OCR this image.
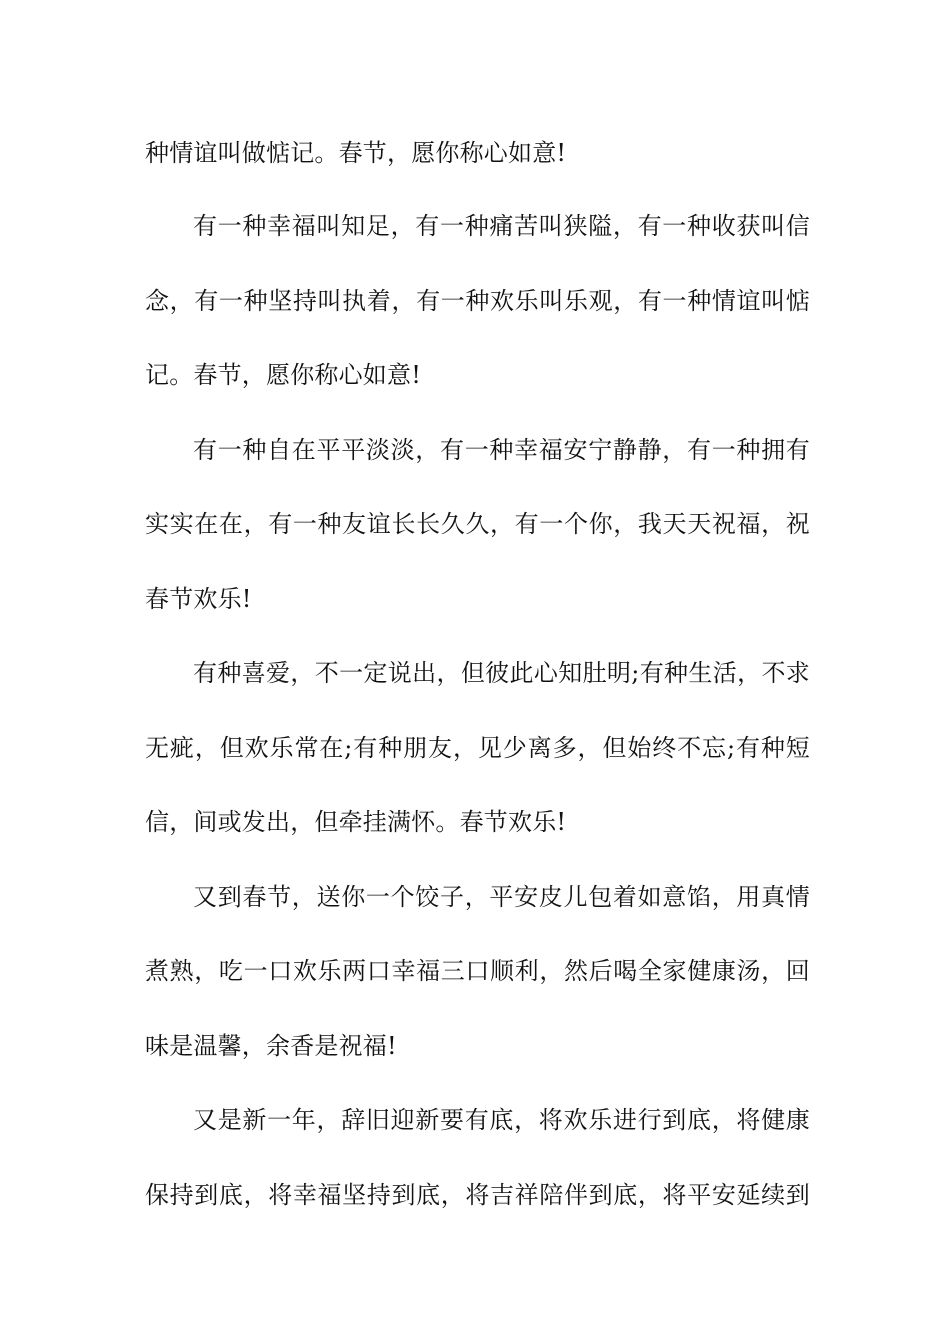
种情谊叫做惦记。春节，愿你称心如意!
有一种幸福叫知足，有一种痛苦叫狭隘，有一种收获叫信
念，有一种坚持叫执着，有一种欢乐叫乐观，有一种情谊叫惦
记。春节，愿你称心如意!
有一种自在平平淡淡，有一种幸福安宁静静，有一种拥有
实实在在，有一种友谊长长久久，有一个你，我天天祝福，祝
春节欢乐!
有种喜爱，不一定说出，但彼此心知肚明;有种生活，不求
无疵，但欢乐常在;有种朋友，见少离多，但始终不忘;有种短
信，间或发出，但牵挂满怀。春节欢乐!
又到春节，送你一个饺子，平安皮儿包着如意馅，用真情
煮熟，吃一口欢乐两口幸福三口顺利，然后喝全家健康汤，回
味是温馨，余香是祝福!
又是新一年，辞旧迎新要有底，将欢乐进行到底，将健康
保持到底，将幸福坚持到底，将吉祥陪伴到底，将平安延续到
